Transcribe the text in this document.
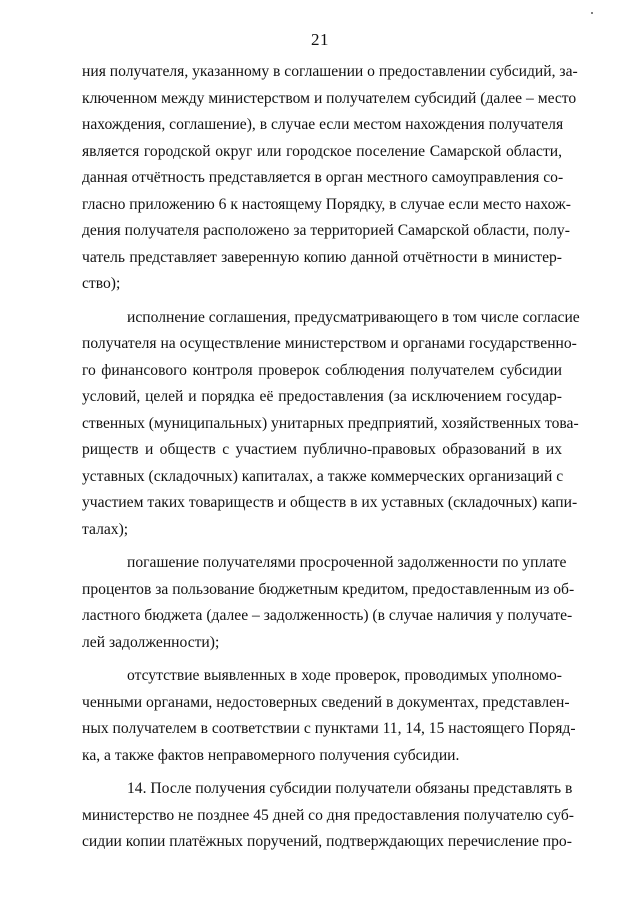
21
ния получателя, указанному в соглашении о предоставлении субсидий, за-
ключенном между министерством и получателем субсидий (далее – место
нахождения, соглашение), в случае если местом нахождения получателя
является городской округ или городское поселение Самарской области,
данная отчётность представляется в орган местного самоуправления со-
гласно приложению 6 к настоящему Порядку, в случае если место нахож-
дения получателя расположено за территорией Самарской области, полу-
чатель представляет заверенную копию данной отчётности в министер-
ство);
исполнение соглашения, предусматривающего в том числе согласие
получателя на осуществление министерством и органами государственно-
го финансового контроля проверок соблюдения получателем субсидии
условий, целей и порядка её предоставления (за исключением государ-
ственных (муниципальных) унитарных предприятий, хозяйственных това-
риществ и обществ с участием публично-правовых образований в их
уставных (складочных) капиталах, а также коммерческих организаций с
участием таких товариществ и обществ в их уставных (складочных) капи-
талах);
погашение получателями просроченной задолженности по уплате
процентов за пользование бюджетным кредитом, предоставленным из об-
ластного бюджета (далее – задолженность) (в случае наличия у получате-
лей задолженности);
отсутствие выявленных в ходе проверок, проводимых уполномо-
ченными органами, недостоверных сведений в документах, представлен-
ных получателем в соответствии с пунктами 11, 14, 15 настоящего Поряд-
ка, а также фактов неправомерного получения субсидии.
14. После получения субсидии получатели обязаны представлять в
министерство не позднее 45 дней со дня предоставления получателю суб-
сидии копии платёжных поручений, подтверждающих перечисление про-
